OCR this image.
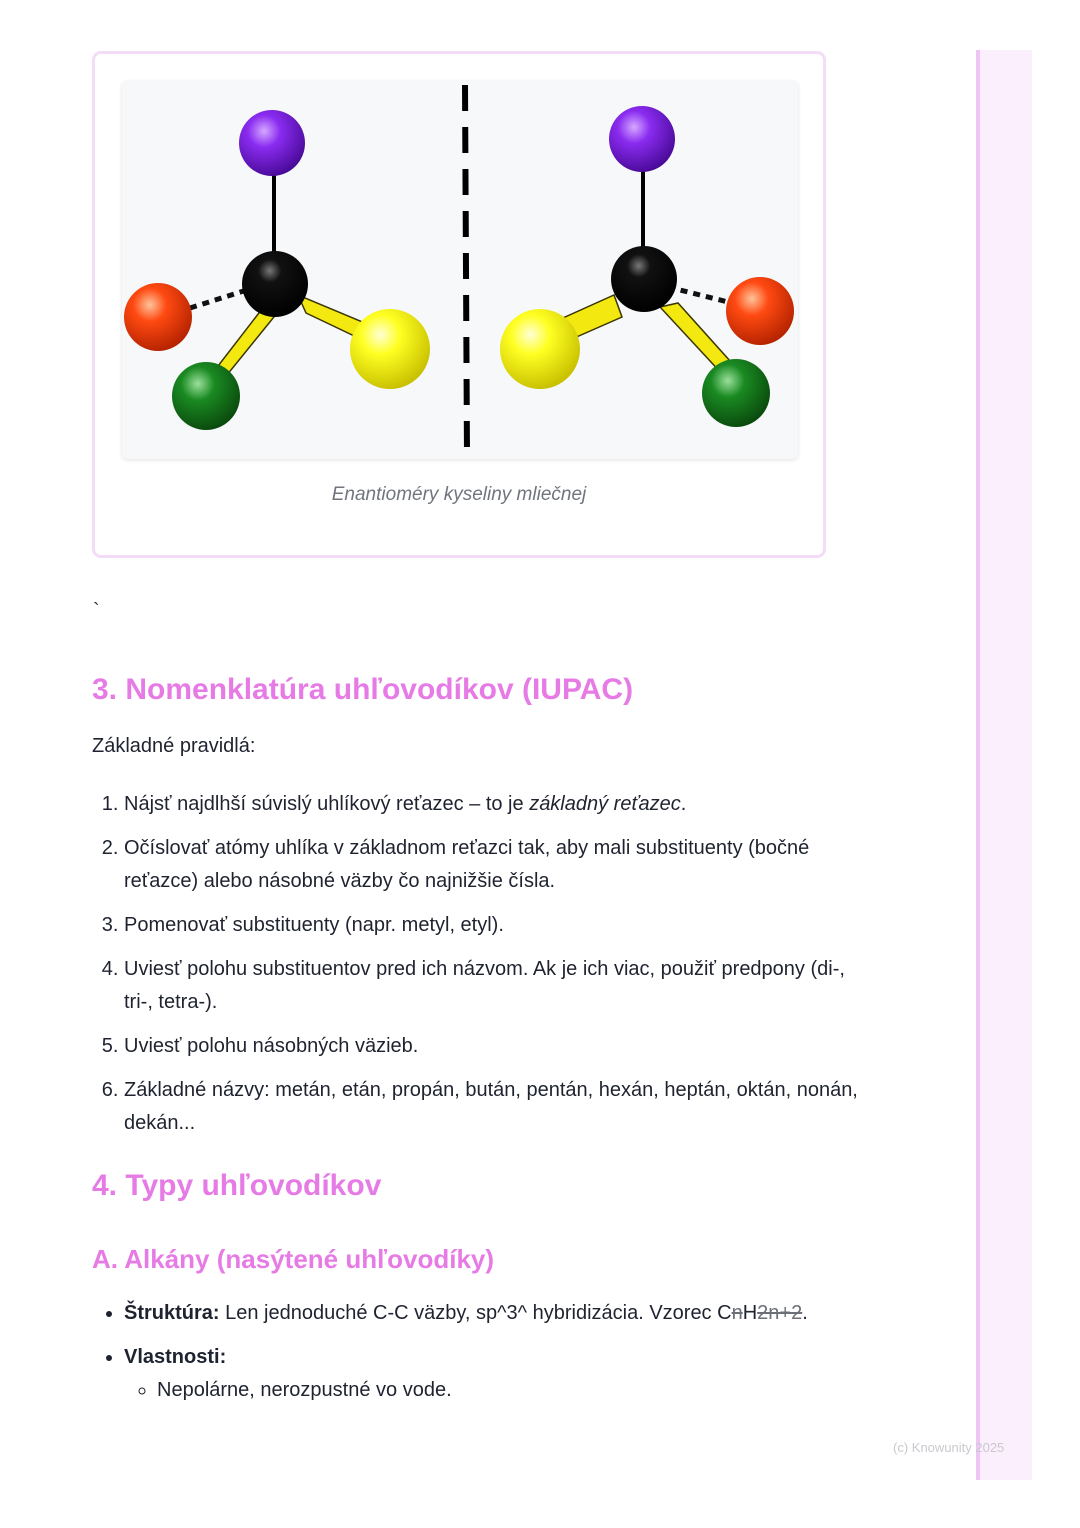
Enantioméry kyseliny mliečnej
`
3. Nomenklatúra uhľovodíkov (IUPAC)
Základné pravidlá:
1. Nájsť najdlhší súvislý uhlíkový reťazec – to je základný reťazec.
2. Očíslovať atómy uhlíka v základnom reťazci tak, aby mali substituenty (bočné reťazce) alebo násobné väzby čo najnižšie čísla.
3. Pomenovať substituenty (napr. metyl, etyl).
4. Uviesť polohu substituentov pred ich názvom. Ak je ich viac, použiť predpony (di-, tri-, tetra-).
5. Uviesť polohu násobných väzieb.
6. Základné názvy: metán, etán, propán, bután, pentán, hexán, heptán, oktán, nonán, dekán...
4. Typy uhľovodíkov
A. Alkány (nasýtené uhľovodíky)
• Štruktúra: Len jednoduché C-C väzby, sp^3^ hybridizácia. Vzorec CnH2n+2.
• Vlastnosti:
◦ Nepolárne, nerozpustné vo vode.
(c) Knowunity 2025
